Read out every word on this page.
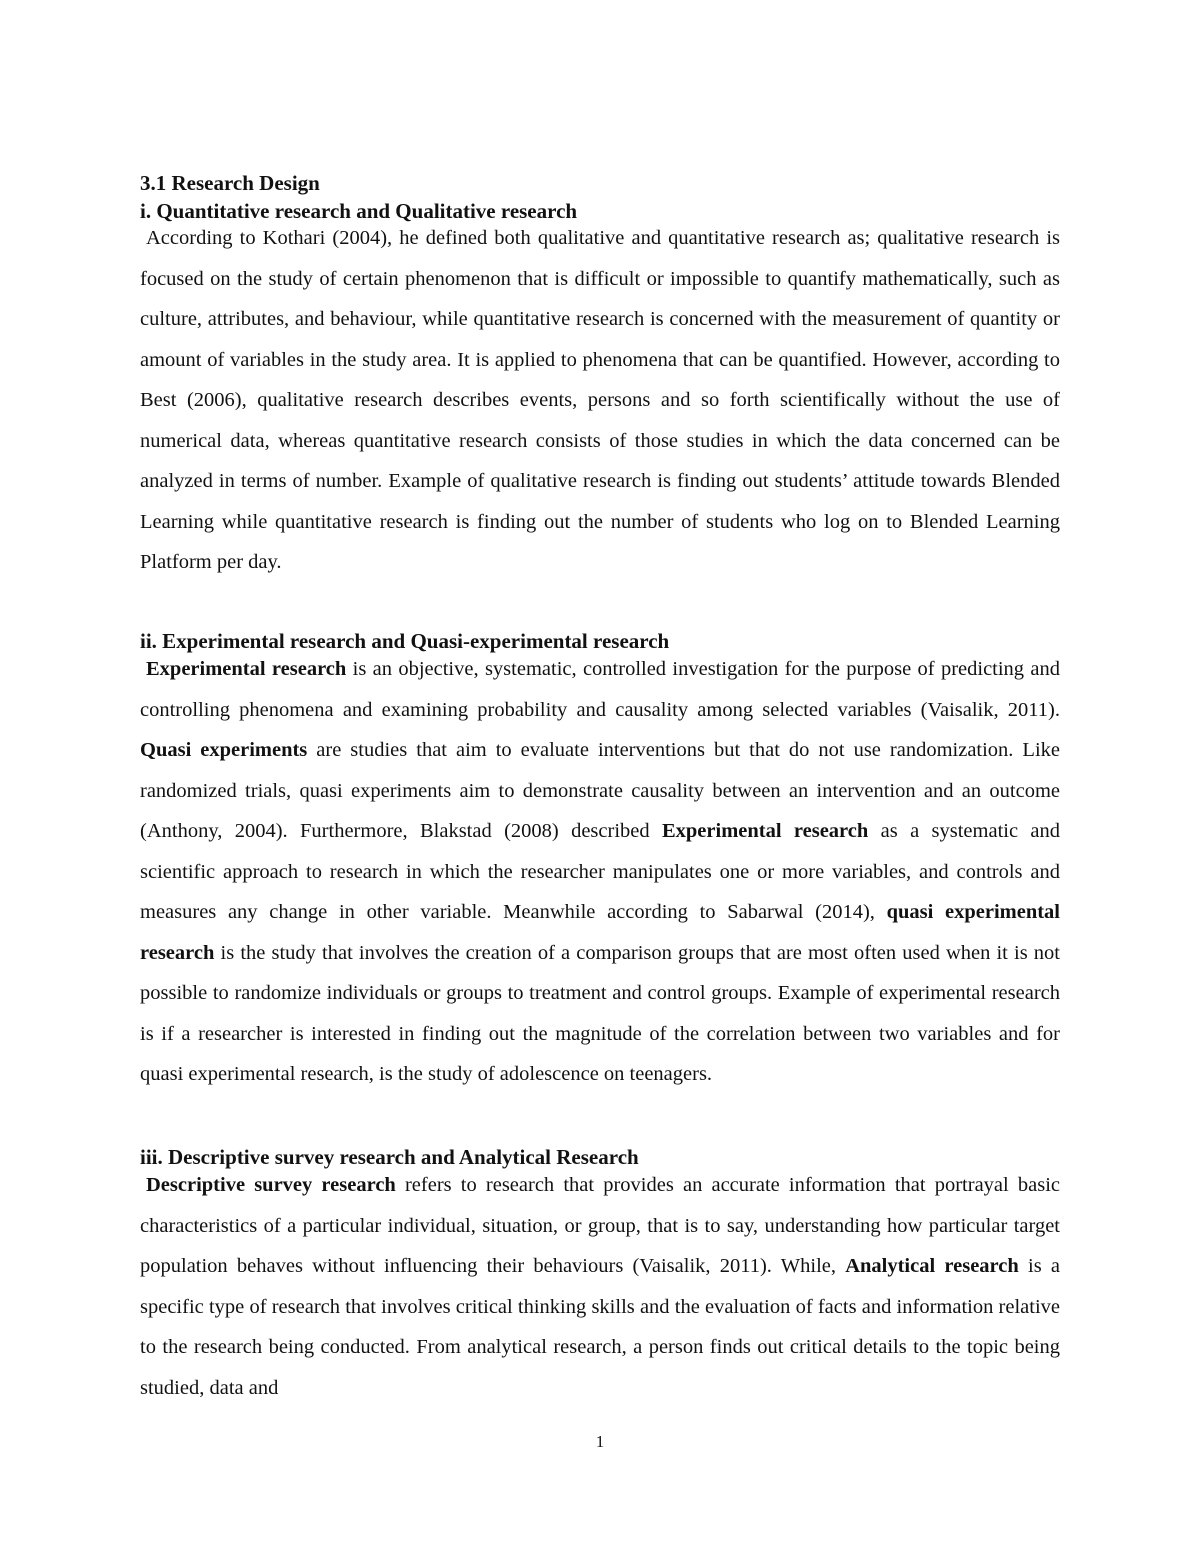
3.1 Research Design
i. Quantitative research and Qualitative research

According to Kothari (2004), he defined both qualitative and quantitative research as; qualitative research is focused on the study of certain phenomenon that is difficult or impossible to quantify mathematically, such as culture, attributes, and behaviour, while quantitative research is concerned with the measurement of quantity or amount of variables in the study area. It is applied to phenomena that can be quantified. However, according to Best (2006), qualitative research describes events, persons and so forth scientifically without the use of numerical data, whereas quantitative research consists of those studies in which the data concerned can be analyzed in terms of number. Example of qualitative research is finding out students’ attitude towards Blended Learning while quantitative research is finding out the number of students who log on to Blended Learning Platform per day.

ii. Experimental research and Quasi-experimental research

Experimental research is an objective, systematic, controlled investigation for the purpose of predicting and controlling phenomena and examining probability and causality among selected variables (Vaisalik, 2011). Quasi experiments are studies that aim to evaluate interventions but that do not use randomization. Like randomized trials, quasi experiments aim to demonstrate causality between an intervention and an outcome (Anthony, 2004). Furthermore, Blakstad (2008) described Experimental research as a systematic and scientific approach to research in which the researcher manipulates one or more variables, and controls and measures any change in other variable. Meanwhile according to Sabarwal (2014), quasi experimental research is the study that involves the creation of a comparison groups that are most often used when it is not possible to randomize individuals or groups to treatment and control groups. Example of experimental research is if a researcher is interested in finding out the magnitude of the correlation between two variables and for quasi experimental research, is the study of adolescence on teenagers.

iii. Descriptive survey research and Analytical Research

Descriptive survey research refers to research that provides an accurate information that portrayal basic characteristics of a particular individual, situation, or group, that is to say, understanding how particular target population behaves without influencing their behaviours (Vaisalik, 2011). While, Analytical research is a specific type of research that involves critical thinking skills and the evaluation of facts and information relative to the research being conducted. From analytical research, a person finds out critical details to the topic being studied, data and

1
